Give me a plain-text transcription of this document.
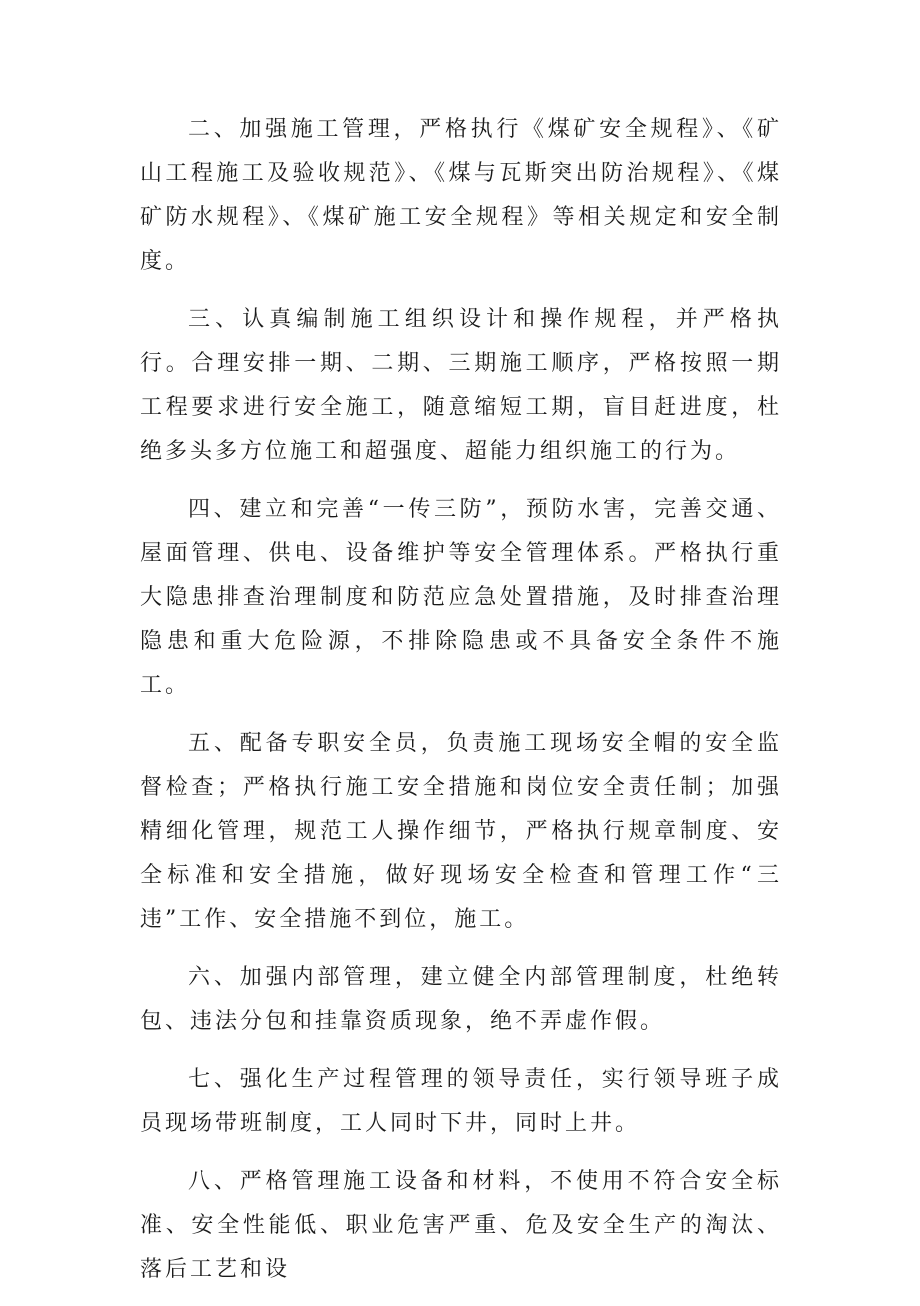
二、加强施工管理，严格执行《煤矿安全规程》、《矿山工程施工及验收规范》、《煤与瓦斯突出防治规程》、《煤矿防水规程》、《煤矿施工安全规程》等相关规定和安全制度。

三、认真编制施工组织设计和操作规程，并严格执行。合理安排一期、二期、三期施工顺序，严格按照一期工程要求进行安全施工，随意缩短工期，盲目赶进度，杜绝多头多方位施工和超强度、超能力组织施工的行为。

四、建立和完善“一传三防”，预防水害，完善交通、屋面管理、供电、设备维护等安全管理体系。严格执行重大隐患排查治理制度和防范应急处置措施，及时排查治理隐患和重大危险源，不排除隐患或不具备安全条件不施工。

五、配备专职安全员，负责施工现场安全帽的安全监督检查；严格执行施工安全措施和岗位安全责任制；加强精细化管理，规范工人操作细节，严格执行规章制度、安全标准和安全措施，做好现场安全检查和管理工作“三违”工作、安全措施不到位，施工。

六、加强内部管理，建立健全内部管理制度，杜绝转包、违法分包和挂靠资质现象，绝不弄虚作假。

七、强化生产过程管理的领导责任，实行领导班子成员现场带班制度，工人同时下井，同时上井。

八、严格管理施工设备和材料，不使用不符合安全标准、安全性能低、职业危害严重、危及安全生产的淘汰、落后工艺和设
